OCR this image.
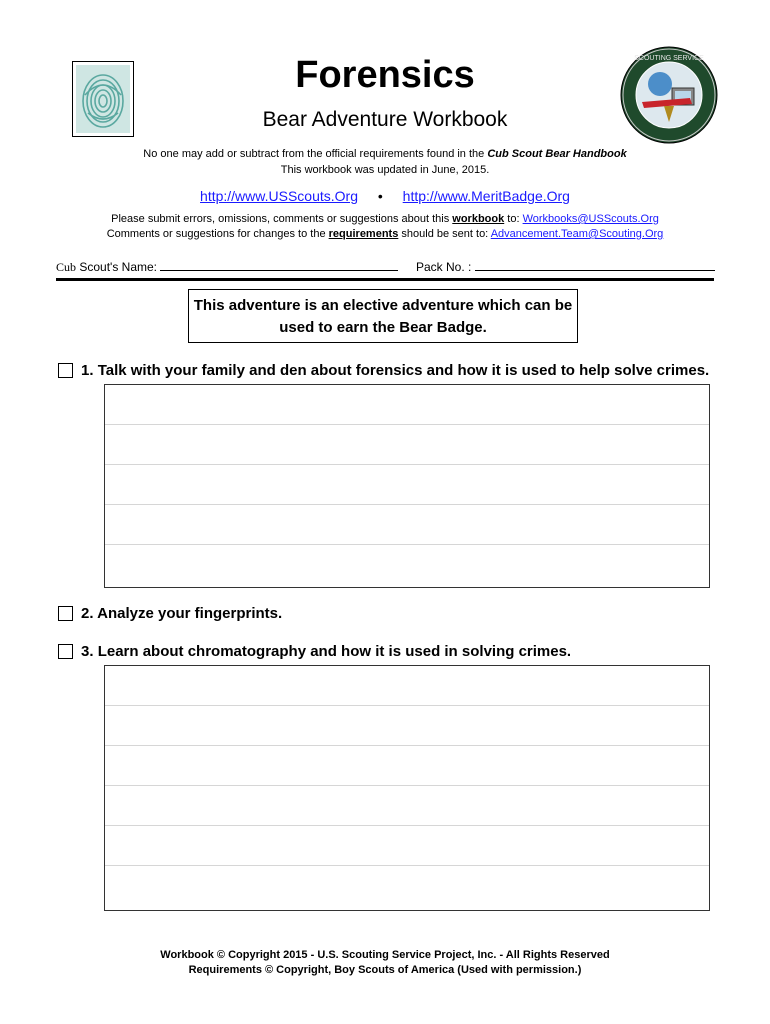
SCOUTING SERVICE
Forensics
Bear Adventure Workbook
No one may add or subtract from the official requirements found in the Cub Scout Bear Handbook
This workbook was updated in June, 2015.
http://www.USScouts.Org • http://www.MeritBadge.Org
Please submit errors, omissions, comments or suggestions about this workbook to: Workbooks@USScouts.Org
Comments or suggestions for changes to the requirements should be sent to: Advancement.Team@Scouting.Org
Cub Scout's Name:	Pack No. :
This adventure is an elective adventure which can be
used to earn the Bear Badge.
1. Talk with your family and den about forensics and how it is used to help solve crimes.
2. Analyze your fingerprints.
3. Learn about chromatography and how it is used in solving crimes.
Workbook © Copyright 2015 - U.S. Scouting Service Project, Inc. - All Rights Reserved
Requirements © Copyright, Boy Scouts of America (Used with permission.)
